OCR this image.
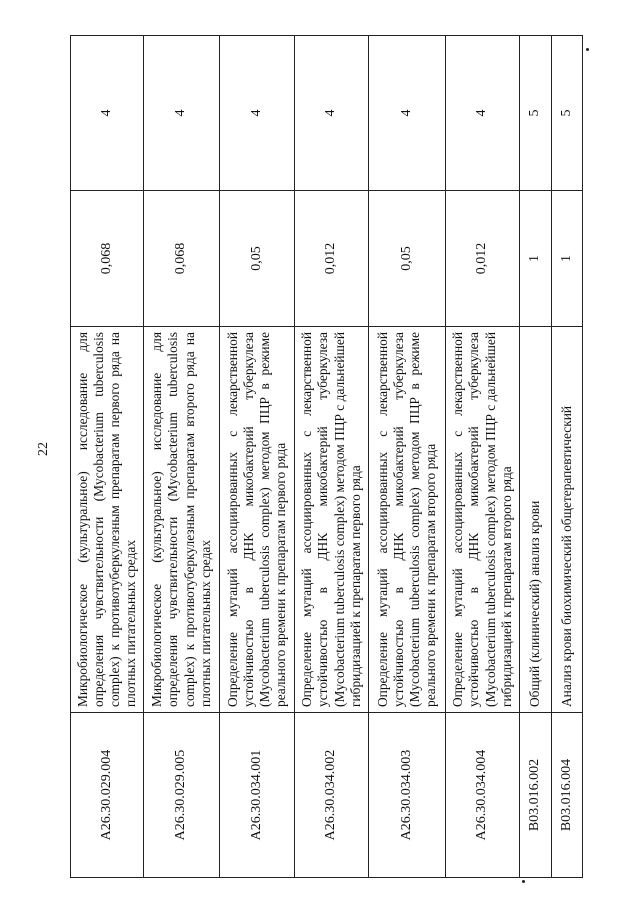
22
A26.30.029.004	Микробиологическое (культуральное) исследование для определения чувствительности (Mycobacterium tuberculosis complex) к противотуберкулезным препаратам первого ряда на плотных питательных средах	0,068	4
A26.30.029.005	Микробиологическое (культуральное) исследование для определения чувствительности (Mycobacterium tuberculosis complex) к противотуберкулезным препаратам второго ряда на плотных питательных средах	0,068	4
A26.30.034.001	Определение мутаций ассоциированных с лекарственной устойчивостью в ДНК микобактерий туберкулеза (Mycobacterium tuberculosis complex) методом ПЦР в режиме реального времени к препаратам первого ряда	0,05	4
A26.30.034.002	Определение мутаций ассоциированных с лекарственной устойчивостью в ДНК микобактерий туберкулеза (Mycobacterium tuberculosis complex) методом ПЦР с дальнейшей гибридизацией к препаратам первого ряда	0,012	4
A26.30.034.003	Определение мутаций ассоциированных с лекарственной устойчивостью в ДНК микобактерий туберкулеза (Mycobacterium tuberculosis complex) методом ПЦР в режиме реального времени к препаратам второго ряда	0,05	4
A26.30.034.004	Определение мутаций ассоциированных с лекарственной устойчивостью в ДНК микобактерий туберкулеза (Mycobacterium tuberculosis complex) методом ПЦР с дальнейшей гибридизацией к препаратам второго ряда	0,012	4
B03.016.002	Общий (клинический) анализ крови	1	5
B03.016.004	Анализ крови биохимический общетерапевтический	1	5
